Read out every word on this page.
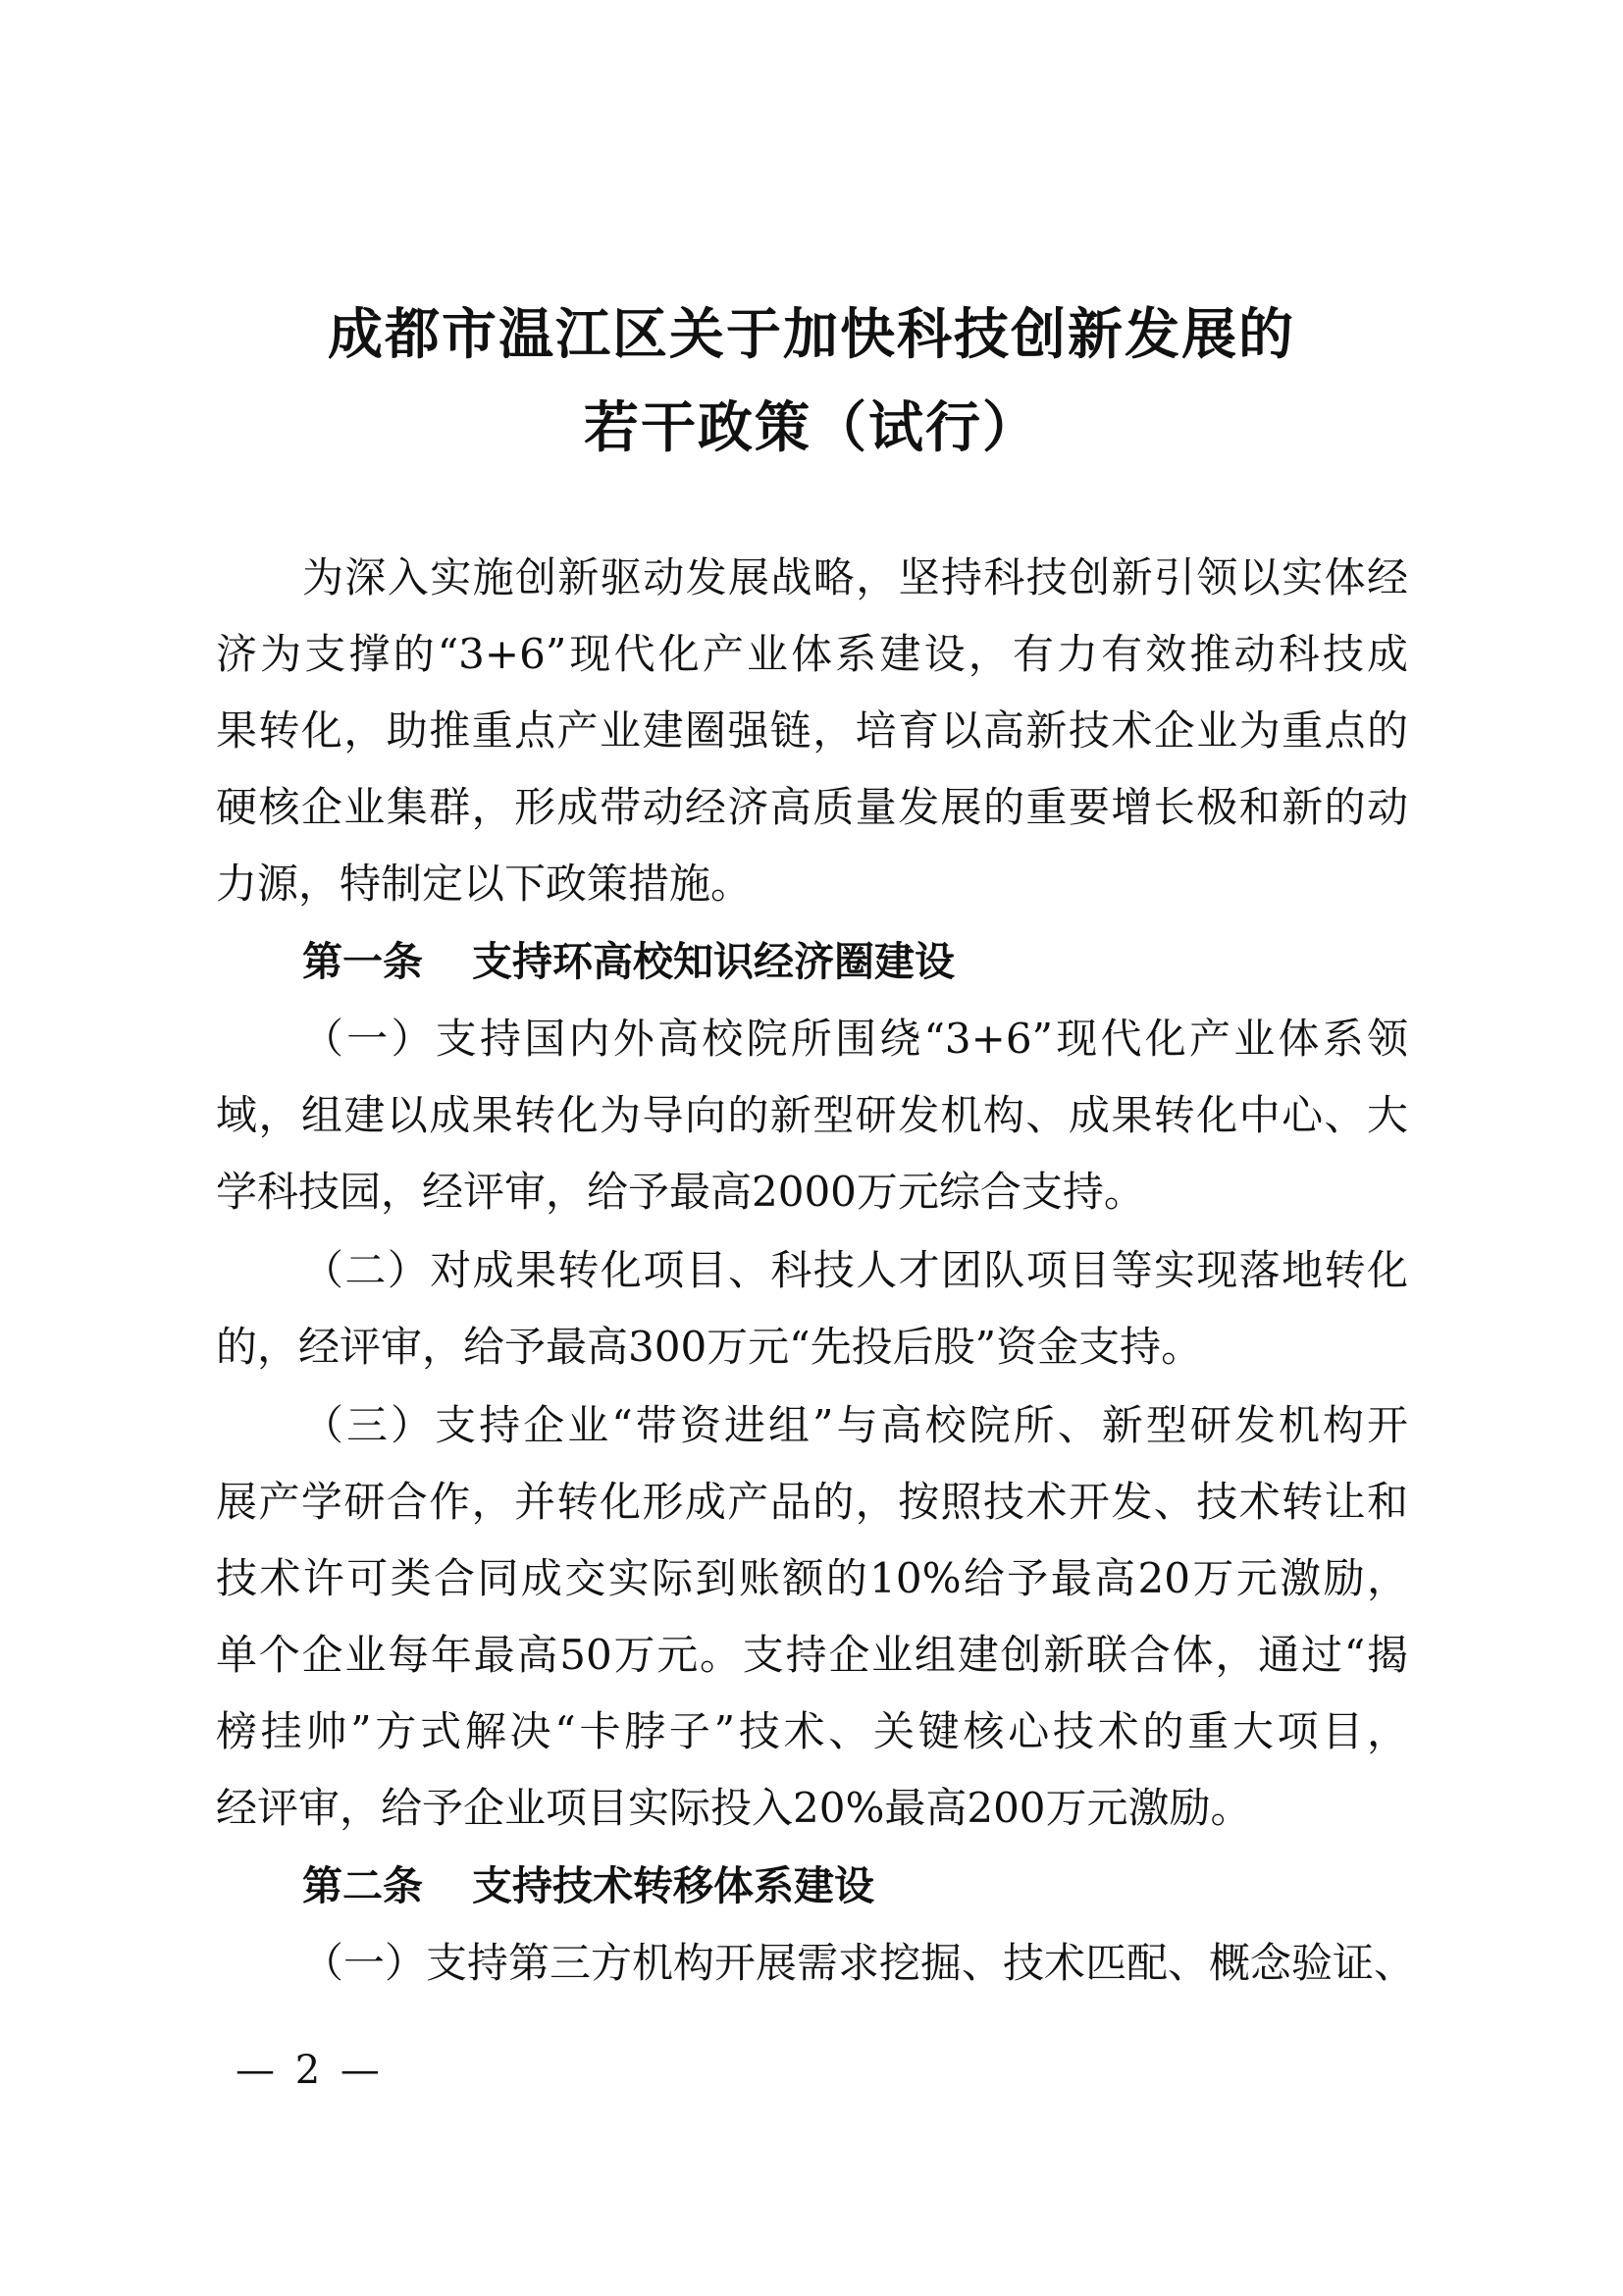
成都市温江区关于加快科技创新发展的
若干政策（试行）
为深入实施创新驱动发展战略，坚持科技创新引领以实体经
济为支撑的“3+6”现代化产业体系建设，有力有效推动科技成
果转化，助推重点产业建圈强链，培育以高新技术企业为重点的
硬核企业集群，形成带动经济高质量发展的重要增长极和新的动
力源，特制定以下政策措施。
第一条 支持环高校知识经济圈建设
（一）支持国内外高校院所围绕“3+6”现代化产业体系领
域，组建以成果转化为导向的新型研发机构、成果转化中心、大
学科技园，经评审，给予最高2000万元综合支持。
（二）对成果转化项目、科技人才团队项目等实现落地转化
的，经评审，给予最高300万元“先投后股”资金支持。
（三）支持企业“带资进组”与高校院所、新型研发机构开
展产学研合作，并转化形成产品的，按照技术开发、技术转让和
技术许可类合同成交实际到账额的10%给予最高20万元激励，
单个企业每年最高50万元。支持企业组建创新联合体，通过“揭
榜挂帅”方式解决“卡脖子”技术、关键核心技术的重大项目，
经评审，给予企业项目实际投入20%最高200万元激励。
第二条 支持技术转移体系建设
（一）支持第三方机构开展需求挖掘、技术匹配、概念验证、
— 2 —
